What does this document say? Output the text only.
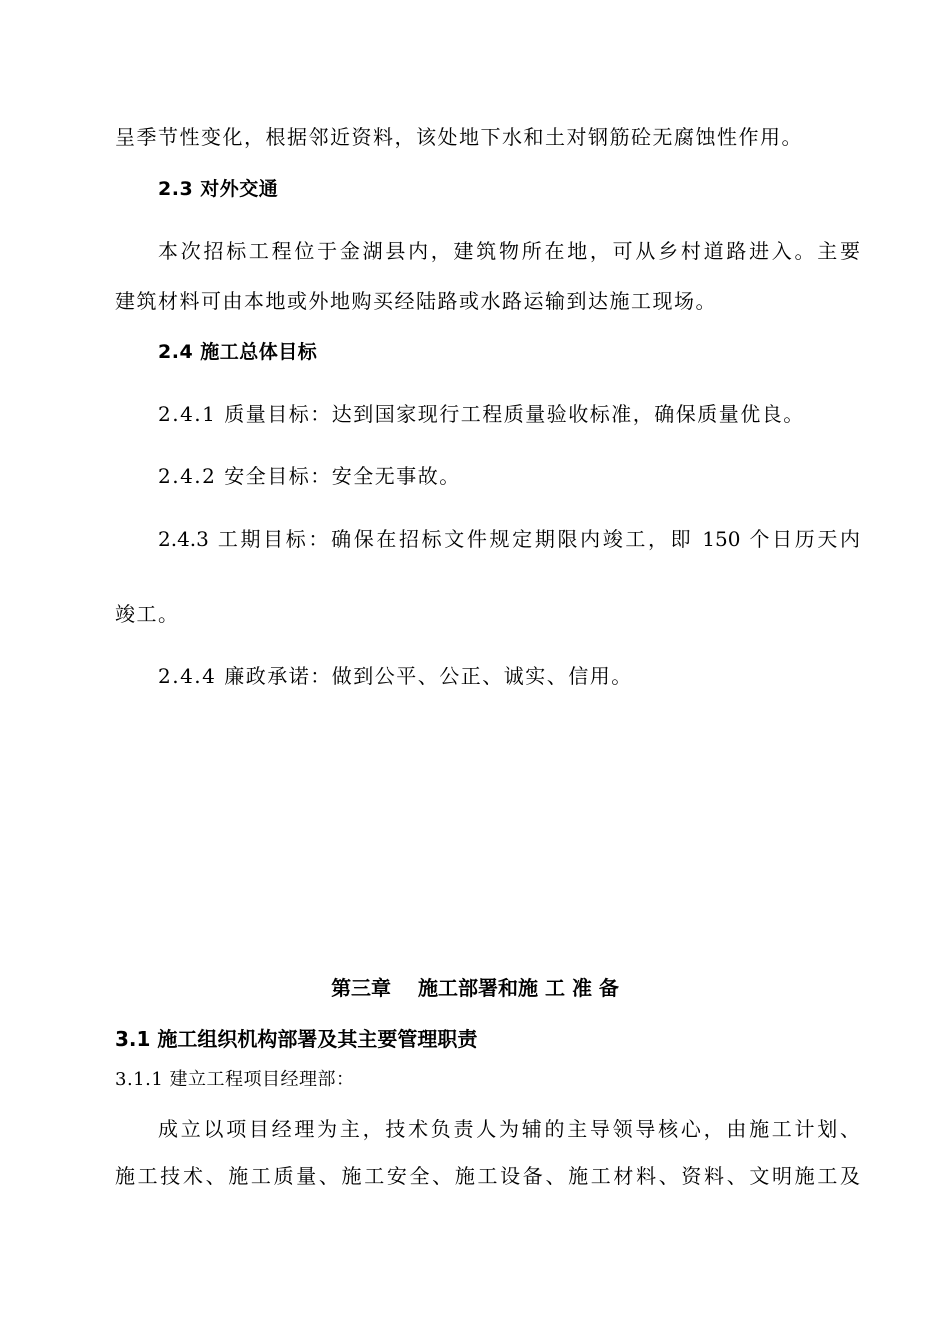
呈季节性变化，根据邻近资料，该处地下水和土对钢筋砼无腐蚀性作用。
2.3 对外交通
本次招标工程位于金湖县内，建筑物所在地，可从乡村道路进入。主要
建筑材料可由本地或外地购买经陆路或水路运输到达施工现场。
2.4 施工总体目标
2.4.1 质量目标：达到国家现行工程质量验收标准，确保质量优良。
2.4.2 安全目标：安全无事故。
2.4.3 工期目标：确保在招标文件规定期限内竣工，即 150 个日历天内
竣工。
2.4.4 廉政承诺：做到公平、公正、诚实、信用。
第三章　 施工部署和施 工 准 备
3.1 施工组织机构部署及其主要管理职责
3.1.1 建立工程项目经理部：
成立以项目经理为主，技术负责人为辅的主导领导核心，由施工计划、
施工技术、施工质量、施工安全、施工设备、施工材料、资料、文明施工及
